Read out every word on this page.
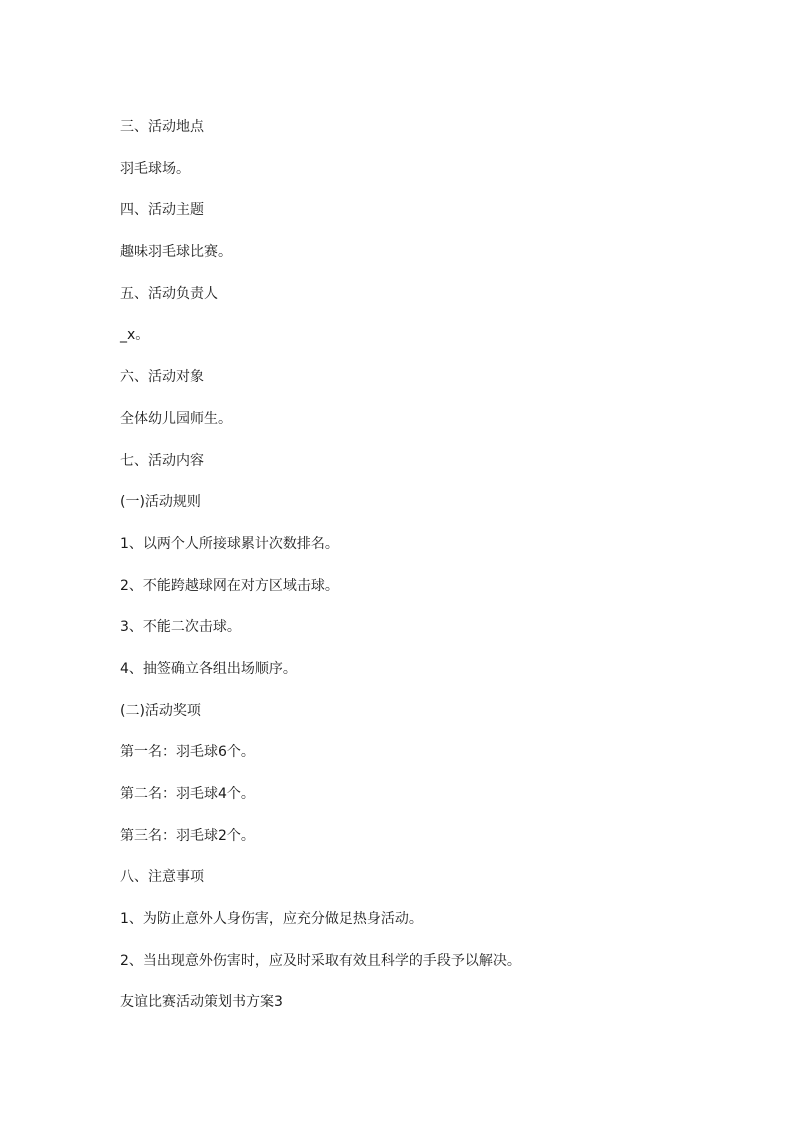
三、活动地点
羽毛球场。
四、活动主题
趣味羽毛球比赛。
五、活动负责人
_x。
六、活动对象
全体幼儿园师生。
七、活动内容
(一)活动规则
1、以两个人所接球累计次数排名。
2、不能跨越球网在对方区域击球。
3、不能二次击球。
4、抽签确立各组出场顺序。
(二)活动奖项
第一名：羽毛球6个。
第二名：羽毛球4个。
第三名：羽毛球2个。
八、注意事项
1、为防止意外人身伤害，应充分做足热身活动。
2、当出现意外伤害时，应及时采取有效且科学的手段予以解决。
友谊比赛活动策划书方案3
